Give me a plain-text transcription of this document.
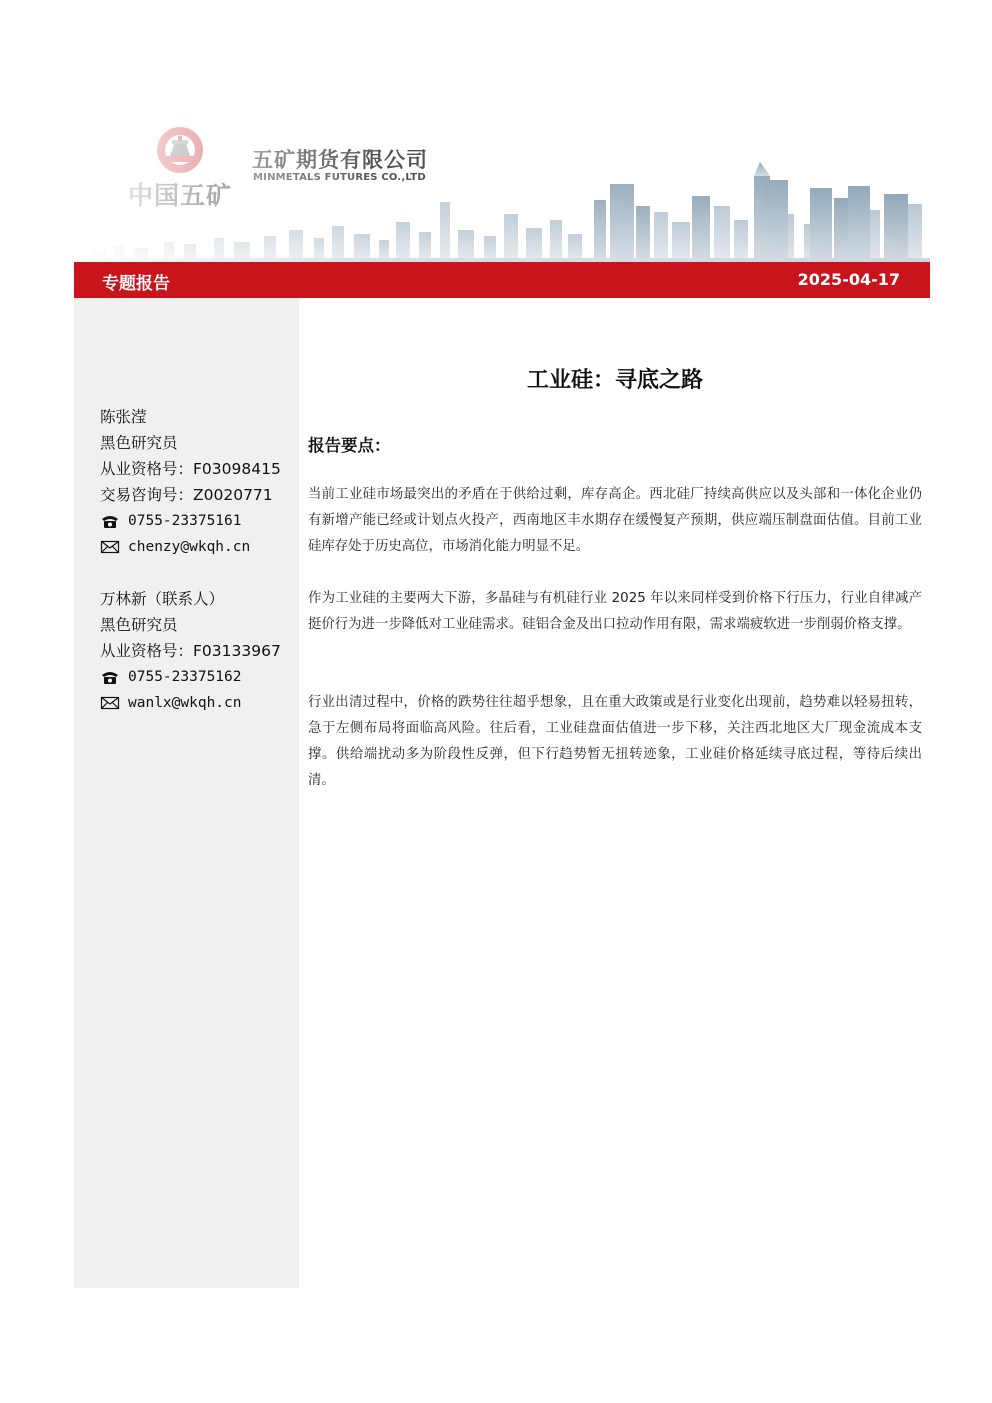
专题报告	2025-04-17
陈张滢
黑色研究员
从业资格号：F03098415
交易咨询号：Z0020771
0755-23375161
chenzy@wkqh.cn
万林新（联系人）
黑色研究员
从业资格号：F03133967
0755-23375162
wanlx@wkqh.cn
工业硅：寻底之路
报告要点：

当前工业硅市场最突出的矛盾在于供给过剩，库存高企。西北硅厂持续高供应以及头部和一体化企业仍有新增产能已经或计划点火投产，西南地区丰水期存在缓慢复产预期，供应端压制盘面估值。目前工业硅库存处于历史高位，市场消化能力明显不足。

作为工业硅的主要两大下游，多晶硅与有机硅行业 2025 年以来同样受到价格下行压力，行业自律减产挺价行为进一步降低对工业硅需求。硅铝合金及出口拉动作用有限，需求端疲软进一步削弱价格支撑。

行业出清过程中，价格的跌势往往超乎想象，且在重大政策或是行业变化出现前，趋势难以轻易扭转，急于左侧布局将面临高风险。往后看，工业硅盘面估值进一步下移，关注西北地区大厂现金流成本支撑。供给端扰动多为阶段性反弹，但下行趋势暂无扭转迹象，工业硅价格延续寻底过程，等待后续出清。
